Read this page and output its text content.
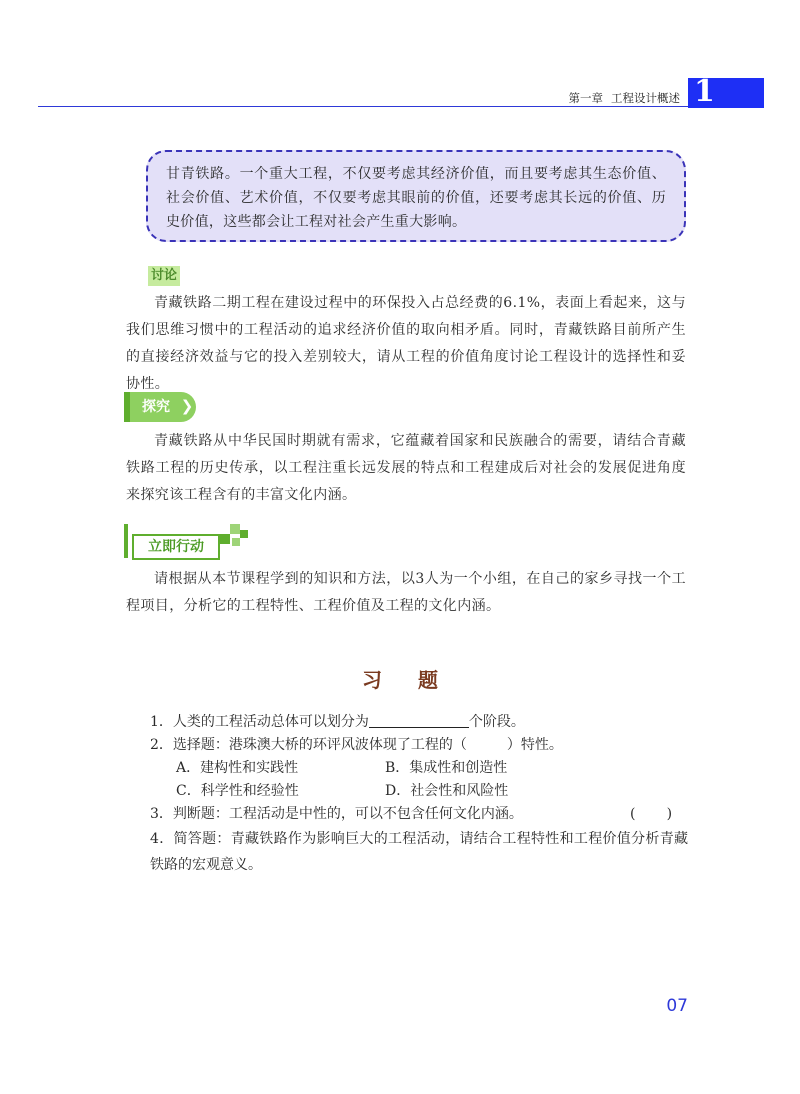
第一章 工程设计概述 1
甘青铁路。一个重大工程，不仅要考虑其经济价值，而且要考虑其生态价值、社会价值、艺术价值，不仅要考虑其眼前的价值，还要考虑其长远的价值、历史价值，这些都会让工程对社会产生重大影响。
讨论
青藏铁路二期工程在建设过程中的环保投入占总经费的6.1%，表面上看起来，这与我们思维习惯中的工程活动的追求经济价值的取向相矛盾。同时，青藏铁路目前所产生的直接经济效益与它的投入差别较大，请从工程的价值角度讨论工程设计的选择性和妥协性。
探究 ❯
青藏铁路从中华民国时期就有需求，它蕴藏着国家和民族融合的需要，请结合青藏铁路工程的历史传承，以工程注重长远发展的特点和工程建成后对社会的发展促进角度来探究该工程含有的丰富文化内涵。
立即行动
请根据从本节课程学到的知识和方法，以3人为一个小组，在自己的家乡寻找一个工程项目，分析它的工程特性、工程价值及工程的文化内涵。
习题
1．人类的工程活动总体可以划分为	个阶段。
2．选择题：港珠澳大桥的环评风波体现了工程的（	）特性。
A．建构性和实践性	B．集成性和创造性
C．科学性和经验性	D．社会性和风险性
3．判断题：工程活动是中性的，可以不包含任何文化内涵。	(       )
4．简答题：青藏铁路作为影响巨大的工程活动，请结合工程特性和工程价值分析青藏铁路的宏观意义。
07
